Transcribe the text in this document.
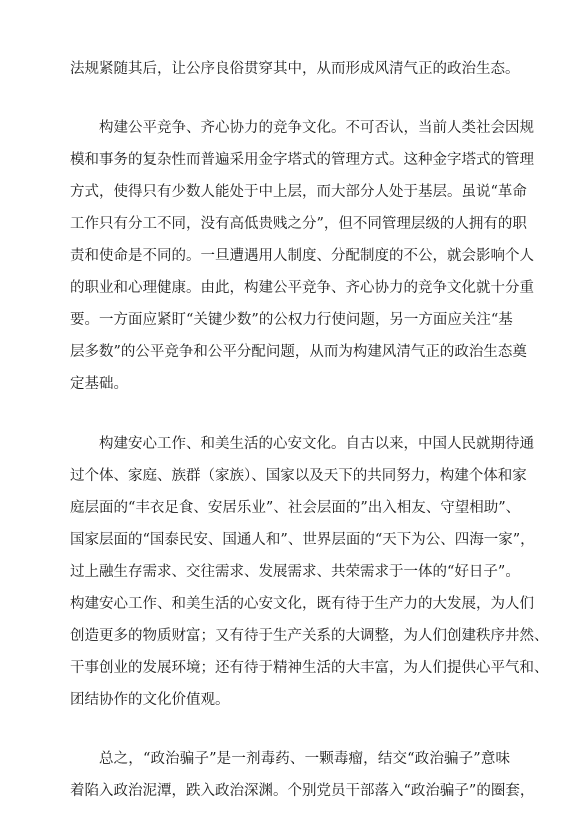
法规紧随其后，让公序良俗贯穿其中，从而形成风清气正的政治生态。

构建公平竞争、齐心协力的竞争文化。不可否认，当前人类社会因规

模和事务的复杂性而普遍采用金字塔式的管理方式。这种金字塔式的管理

方式，使得只有少数人能处于中上层，而大部分人处于基层。虽说“革命

工作只有分工不同，没有高低贵贱之分”，但不同管理层级的人拥有的职

责和使命是不同的。一旦遭遇用人制度、分配制度的不公，就会影响个人

的职业和心理健康。由此，构建公平竞争、齐心协力的竞争文化就十分重

要。一方面应紧盯“关键少数”的公权力行使问题，另一方面应关注“基

层多数”的公平竞争和公平分配问题，从而为构建风清气正的政治生态奠

定基础。

构建安心工作、和美生活的心安文化。自古以来，中国人民就期待通

过个体、家庭、族群（家族）、国家以及天下的共同努力，构建个体和家

庭层面的“丰衣足食、安居乐业”、社会层面的”出入相友、守望相助”、

国家层面的“国泰民安、国通人和”、世界层面的“天下为公、四海一家”，

过上融生存需求、交往需求、发展需求、共荣需求于一体的“好日子”。

构建安心工作、和美生活的心安文化，既有待于生产力的大发展，为人们

创造更多的物质财富；又有待于生产关系的大调整，为人们创建秩序井然、

干事创业的发展环境；还有待于精神生活的大丰富，为人们提供心平气和、

团结协作的文化价值观。

总之，“政治骗子”是一剂毒药、一颗毒瘤，结交“政治骗子”意味

着陷入政治泥潭，跌入政治深渊。个别党员干部落入“政治骗子”的圈套，
